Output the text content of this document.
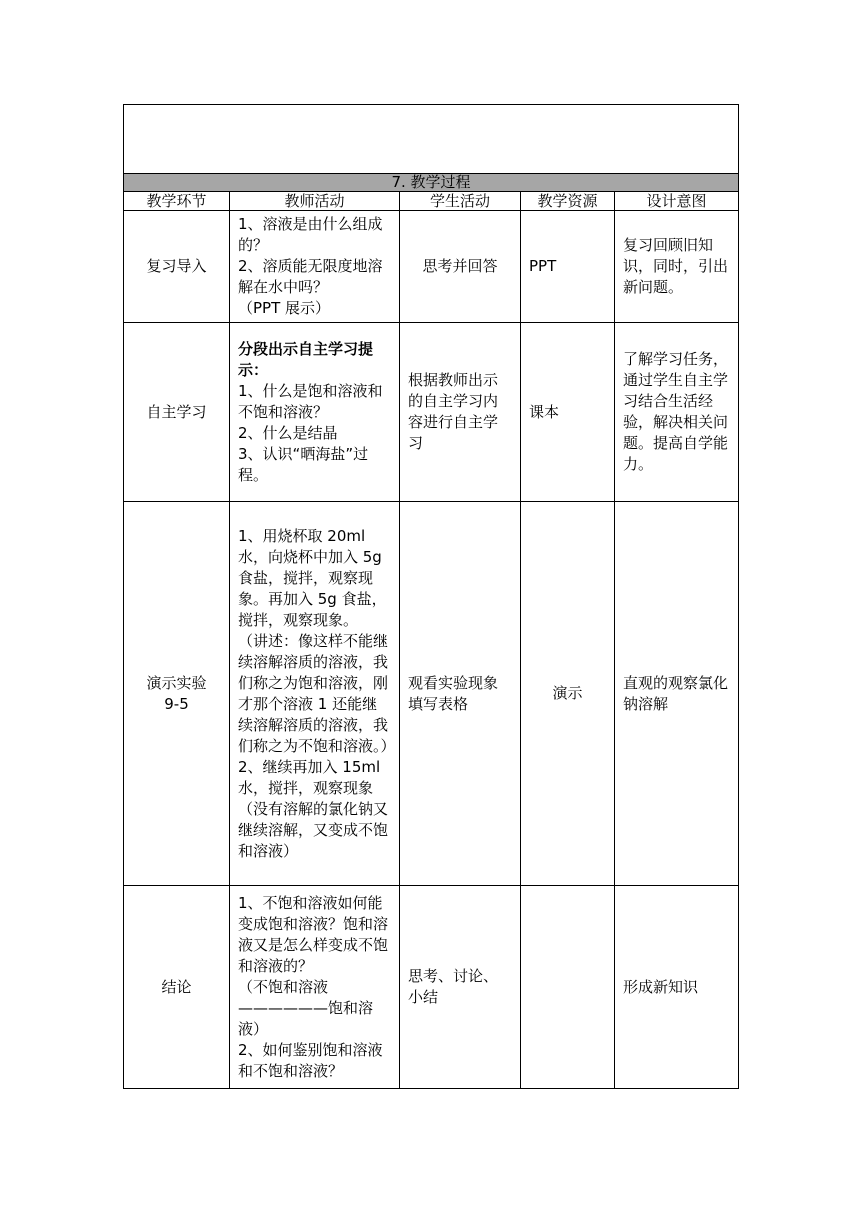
7. 教学过程				
教学环节	教师活动	学生活动	教学资源	设计意图

复习导入	1、溶液是由什么组成的？
2、溶质能无限度地溶解在水中吗？
（PPT 展示）	思考并回答	PPT	复习回顾旧知识，同时，引出新问题。

自主学习	分段出示自主学习提示：
1、什么是饱和溶液和不饱和溶液？
2、什么是结晶
3、认识“晒海盐”过程。	根据教师出示的自主学习内容进行自主学习	课本	了解学习任务，通过学生自主学习结合生活经验，解决相关问题。提高自学能力。

演示实验
9-5	1、用烧杯取 20ml 水，向烧杯中加入 5g 食盐，搅拌，观察现象。再加入 5g 食盐，搅拌，观察现象。
（讲述：像这样不能继续溶解溶质的溶液，我们称之为饱和溶液，刚才那个溶液 1 还能继续溶解溶质的溶液，我们称之为不饱和溶液。）
2、继续再加入 15ml 水，搅拌，观察现象（没有溶解的氯化钠又继续溶解，又变成不饱和溶液）	观看实验现象填写表格	演示	直观的观察氯化钠溶解

结论	1、不饱和溶液如何能变成饱和溶液？饱和溶液又是怎么样变成不饱和溶液的？
（不饱和溶液——————饱和溶液）
2、如何鉴别饱和溶液和不饱和溶液？	思考、讨论、小结		形成新知识
